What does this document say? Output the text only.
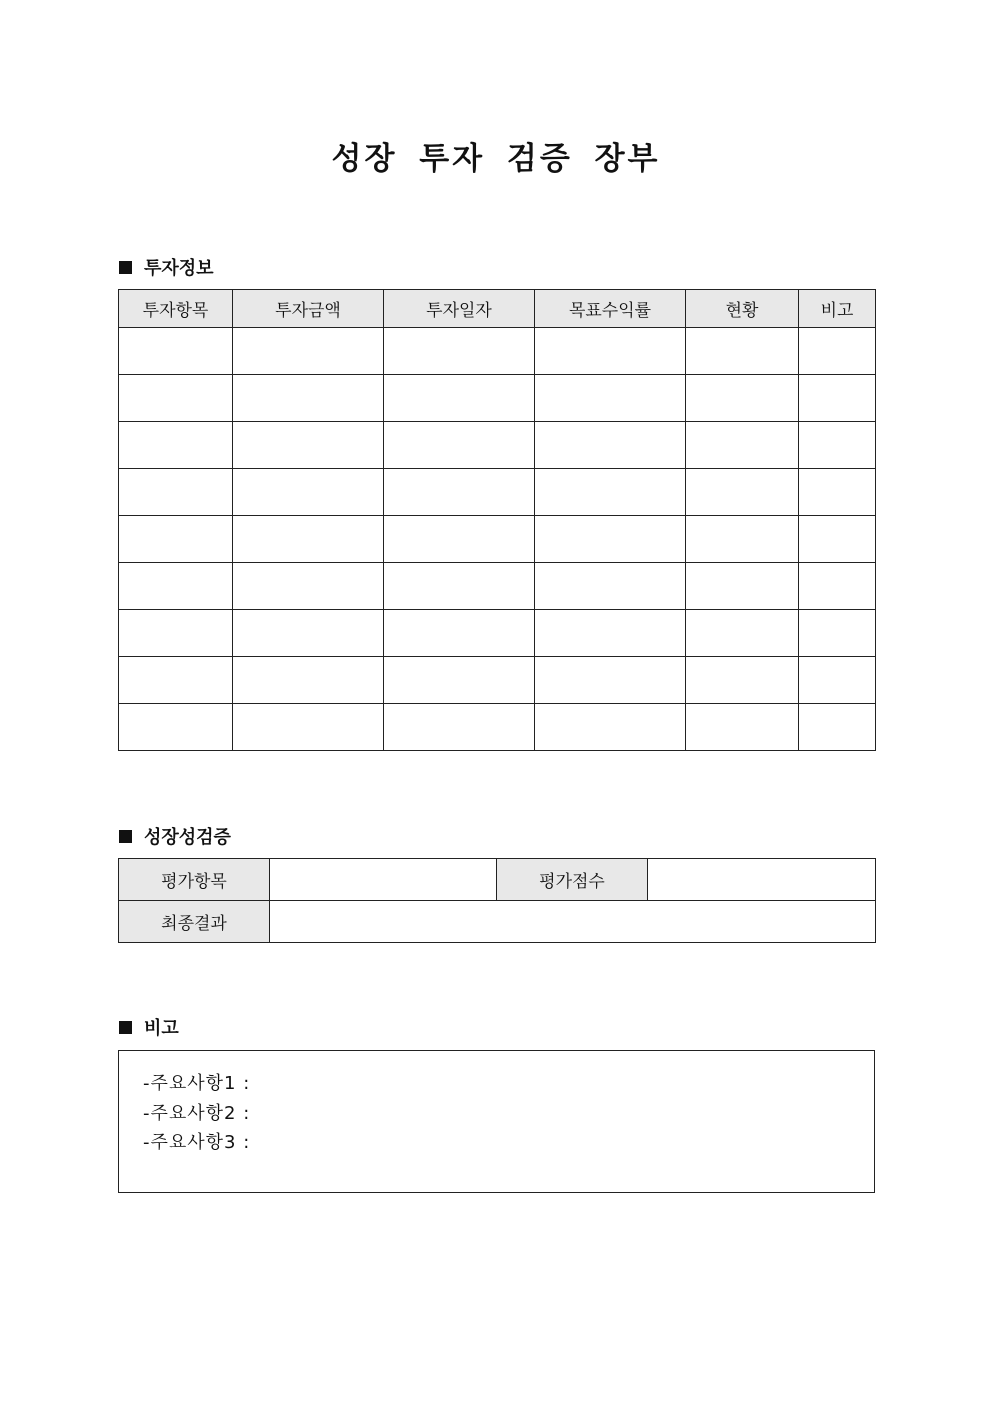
성장 투자 검증 장부
투자정보
투자항목	투자금액	투자일자	목표수익률	현황	비고

성장성검증
평가항목		평가점수	
최종결과			
비고
-주요사항1 :
-주요사항2 :
-주요사항3 :
